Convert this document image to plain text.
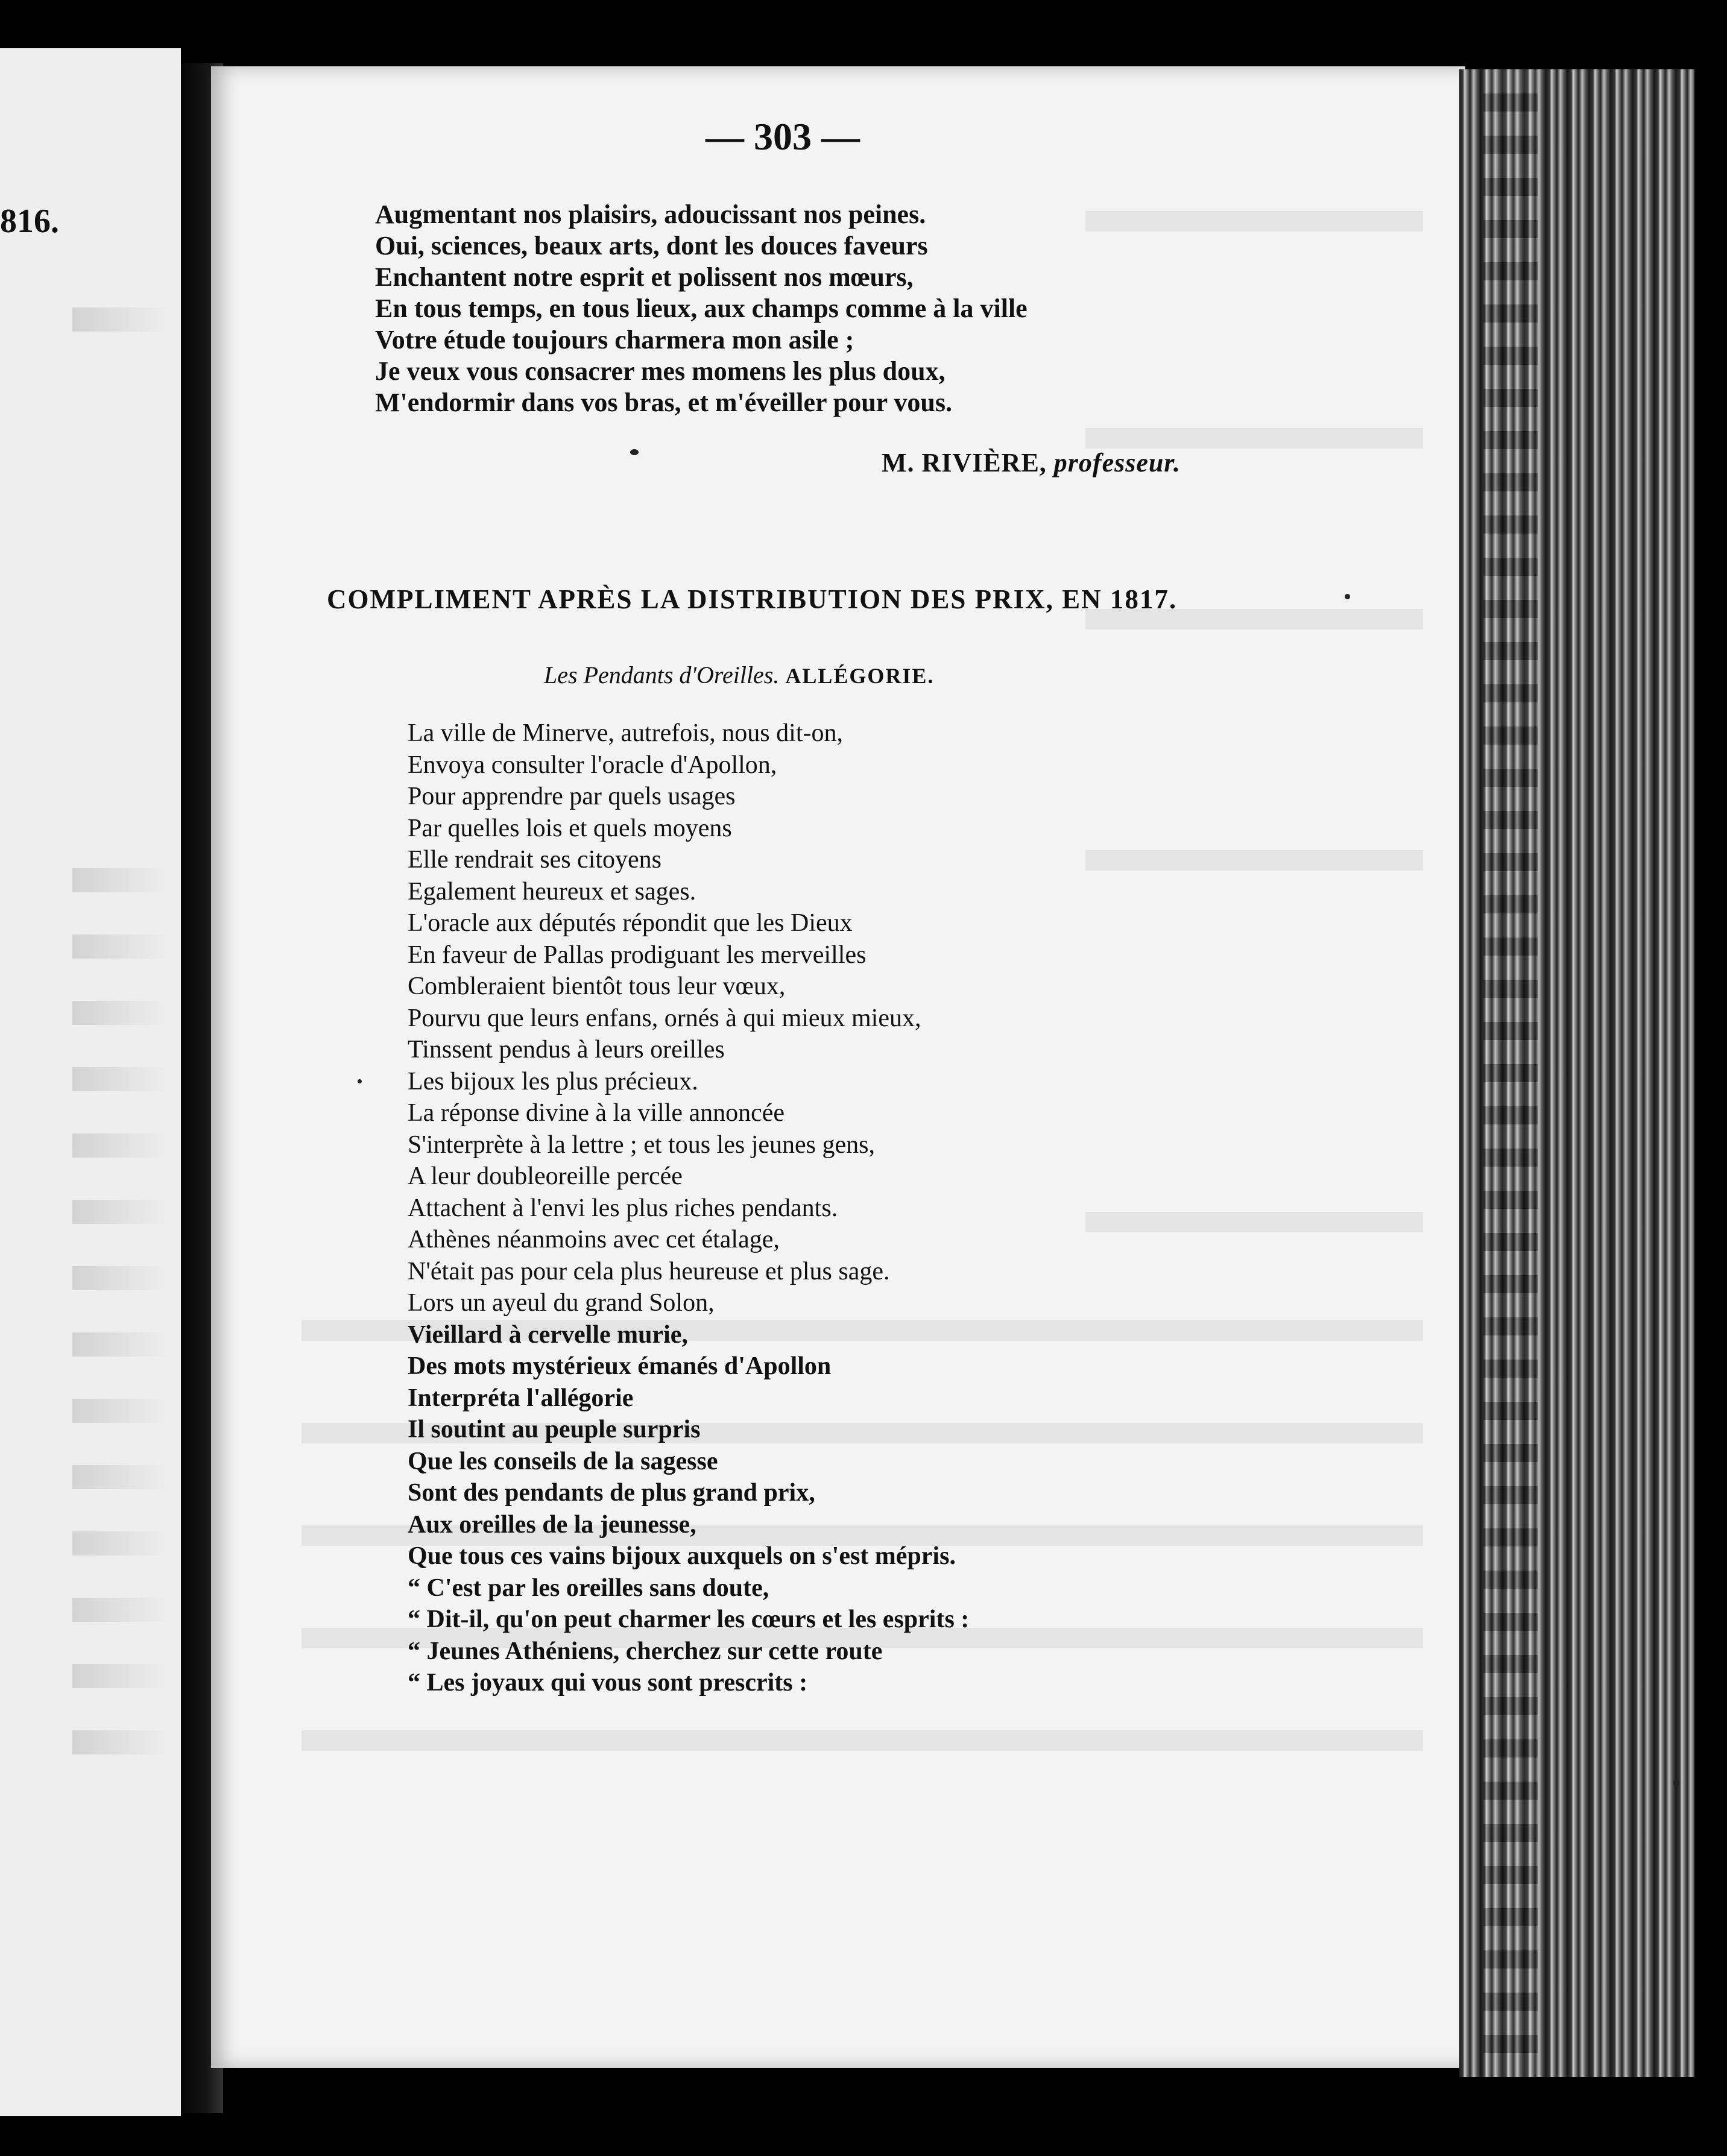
816.
— 303 —
Augmentant nos plaisirs, adoucissant nos peines.
Oui, sciences, beaux arts, dont les douces faveurs
Enchantent notre esprit et polissent nos mœurs,
En tous temps, en tous lieux, aux champs comme à la ville
Votre étude toujours charmera mon asile ;
Je veux vous consacrer mes momens les plus doux,
M'endormir dans vos bras, et m'éveiller pour vous.
M. RIVIÈRE, professeur.
COMPLIMENT APRÈS LA DISTRIBUTION DES PRIX, EN 1817.
Les Pendants d'Oreilles. ALLÉGORIE.
La ville de Minerve, autrefois, nous dit-on,
Envoya consulter l'oracle d'Apollon,
Pour apprendre par quels usages
Par quelles lois et quels moyens
Elle rendrait ses citoyens
Egalement heureux et sages.
L'oracle aux députés répondit que les Dieux
En faveur de Pallas prodiguant les merveilles
Combleraient bientôt tous leur vœux,
Pourvu que leurs enfans, ornés à qui mieux mieux,
Tinssent pendus à leurs oreilles
Les bijoux les plus précieux.
La réponse divine à la ville annoncée
S'interprète à la lettre ; et tous les jeunes gens,
A leur doubleoreille percée
Attachent à l'envi les plus riches pendants.
Athènes néanmoins avec cet étalage,
N'était pas pour cela plus heureuse et plus sage.
Lors un ayeul du grand Solon,
Vieillard à cervelle murie,
Des mots mystérieux émanés d'Apollon
Interpréta l'allégorie
Il soutint au peuple surpris
Que les conseils de la sagesse
Sont des pendants de plus grand prix,
Aux oreilles de la jeunesse,
Que tous ces vains bijoux auxquels on s'est mépris.
“ C'est par les oreilles sans doute,
“ Dit-il, qu'on peut charmer les cœurs et les esprits :
“ Jeunes Athéniens, cherchez sur cette route
“ Les joyaux qui vous sont prescrits :
